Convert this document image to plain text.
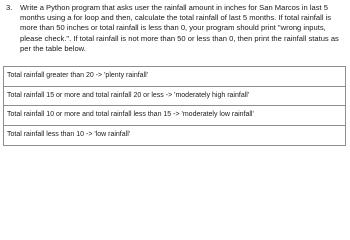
3.	Write a Python program that asks user the rainfall amount in inches for San Marcos in last 5
months using a for loop and then, calculate the total rainfall of last 5 months. If total rainfall is
more than 50 inches or total rainfall is less than 0, your program should print "wrong inputs,
please check.". If total rainfall is not more than 50 or less than 0, then print the rainfall status as
per the table below.
Total rainfall greater than 20 -> 'plenty rainfall'
Total rainfall 15 or more and total rainfall 20 or less -> 'moderately high rainfall'
Total rainfall 10 or more and total rainfall less than 15 -> 'moderately low rainfall'
Total rainfall less than 10 -> 'low rainfall'
